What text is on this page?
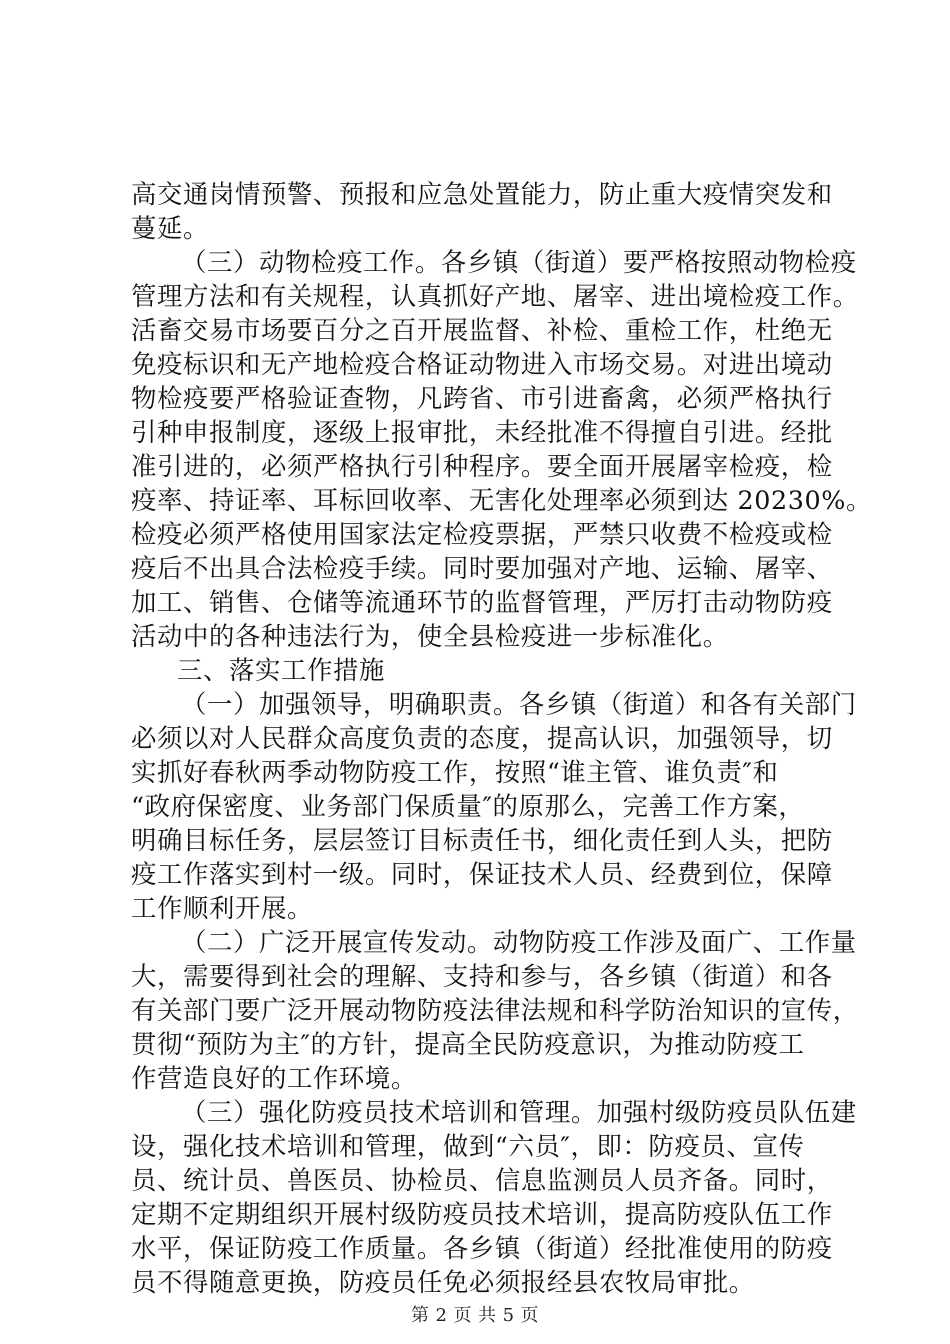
高交通岗情预警、预报和应急处置能力，防止重大疫情突发和
蔓延。
（三）动物检疫工作。各乡镇（街道）要严格按照动物检疫
管理方法和有关规程，认真抓好产地、屠宰、进出境检疫工作。
活畜交易市场要百分之百开展监督、补检、重检工作，杜绝无
免疫标识和无产地检疫合格证动物进入市场交易。对进出境动
物检疫要严格验证查物，凡跨省、市引进畜禽，必须严格执行
引种申报制度，逐级上报审批，未经批准不得擅自引进。经批
准引进的，必须严格执行引种程序。要全面开展屠宰检疫，检
疫率、持证率、耳标回收率、无害化处理率必须到达 20230%。
检疫必须严格使用国家法定检疫票据，严禁只收费不检疫或检
疫后不出具合法检疫手续。同时要加强对产地、运输、屠宰、
加工、销售、仓储等流通环节的监督管理，严厉打击动物防疫
活动中的各种违法行为，使全县检疫进一步标准化。
三、落实工作措施
（一）加强领导，明确职责。各乡镇（街道）和各有关部门
必须以对人民群众高度负责的态度，提高认识，加强领导，切
实抓好春秋两季动物防疫工作，按照“谁主管、谁负责″和
“政府保密度、业务部门保质量″的原那么，完善工作方案，
明确目标任务，层层签订目标责任书，细化责任到人头，把防
疫工作落实到村一级。同时，保证技术人员、经费到位，保障
工作顺利开展。
（二）广泛开展宣传发动。动物防疫工作涉及面广、工作量
大，需要得到社会的理解、支持和参与，各乡镇（街道）和各
有关部门要广泛开展动物防疫法律法规和科学防治知识的宣传，
贯彻“预防为主″的方针，提高全民防疫意识，为推动防疫工
作营造良好的工作环境。
（三）强化防疫员技术培训和管理。加强村级防疫员队伍建
设，强化技术培训和管理，做到“六员″，即：防疫员、宣传
员、统计员、兽医员、协检员、信息监测员人员齐备。同时，
定期不定期组织开展村级防疫员技术培训，提高防疫队伍工作
水平，保证防疫工作质量。各乡镇（街道）经批准使用的防疫
员不得随意更换，防疫员任免必须报经县农牧局审批。
第 2 页 共 5 页
